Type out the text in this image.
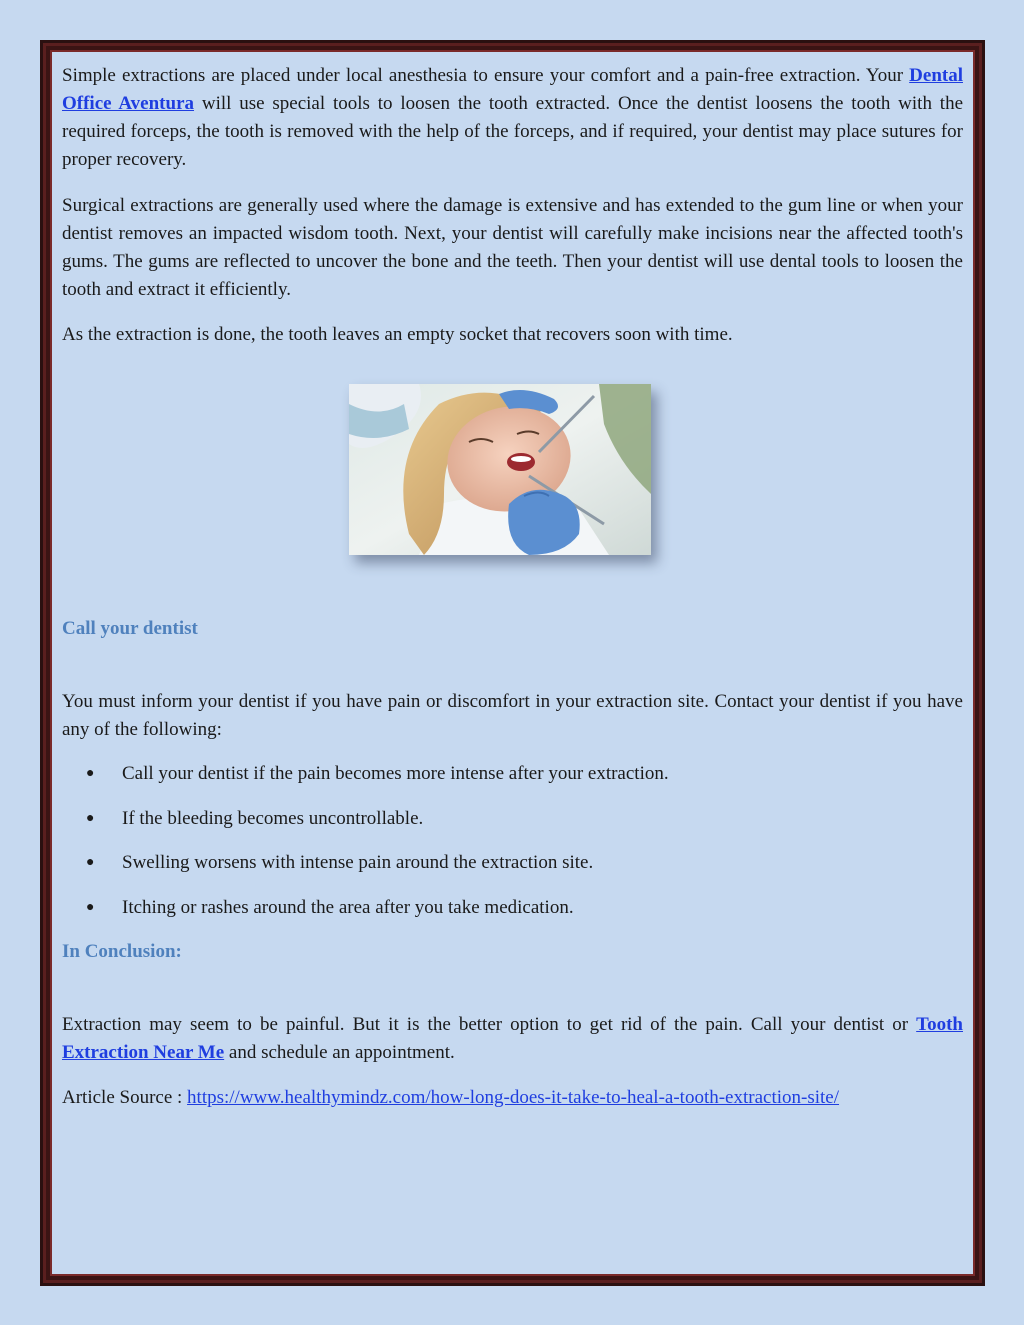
Simple extractions are placed under local anesthesia to ensure your comfort and a pain-free extraction. Your Dental Office Aventura will use special tools to loosen the tooth extracted. Once the dentist loosens the tooth with the required forceps, the tooth is removed with the help of the forceps, and if required, your dentist may place sutures for proper recovery.

Surgical extractions are generally used where the damage is extensive and has extended to the gum line or when your dentist removes an impacted wisdom tooth. Next, your dentist will carefully make incisions near the affected tooth's gums. The gums are reflected to uncover the bone and the teeth. Then your dentist will use dental tools to loosen the tooth and extract it efficiently.

As the extraction is done, the tooth leaves an empty socket that recovers soon with time.

Call your dentist

You must inform your dentist if you have pain or discomfort in your extraction site. Contact your dentist if you have any of the following:

● Call your dentist if the pain becomes more intense after your extraction.
● If the bleeding becomes uncontrollable.
● Swelling worsens with intense pain around the extraction site.
● Itching or rashes around the area after you take medication.
In Conclusion:

Extraction may seem to be painful. But it is the better option to get rid of the pain. Call your dentist or Tooth Extraction Near Me and schedule an appointment.

Article Source : https://www.healthymindz.com/how-long-does-it-take-to-heal-a-tooth-extraction-site/
